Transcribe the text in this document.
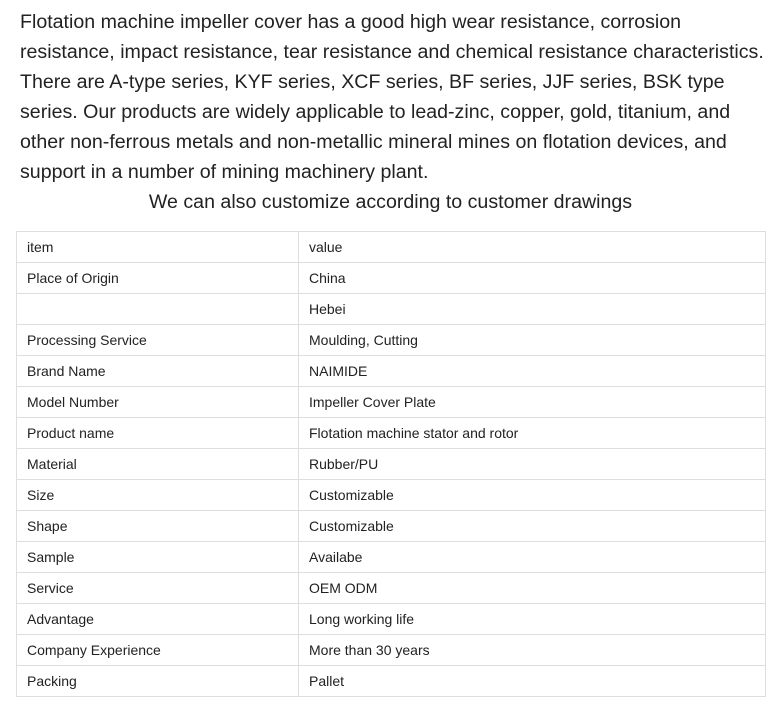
Flotation machine impeller cover has a good high wear resistance, corrosion resistance, impact resistance, tear resistance and chemical resistance characteristics. There are A-type series, KYF series, XCF series, BF series, JJF series, BSK type series. Our products are widely applicable to lead-zinc, copper, gold, titanium, and other non-ferrous metals and non-metallic mineral mines on flotation devices, and support in a number of mining machinery plant.

We can also customize according to customer drawings

item	value
Place of Origin	China
	Hebei
Processing Service	Moulding, Cutting
Brand Name	NAIMIDE
Model Number	Impeller Cover Plate
Product name	Flotation machine stator and rotor
Material	Rubber/PU
Size	Customizable
Shape	Customizable
Sample	Availabe
Service	OEM ODM
Advantage	Long working life
Company Experience	More than 30 years
Packing	Pallet
